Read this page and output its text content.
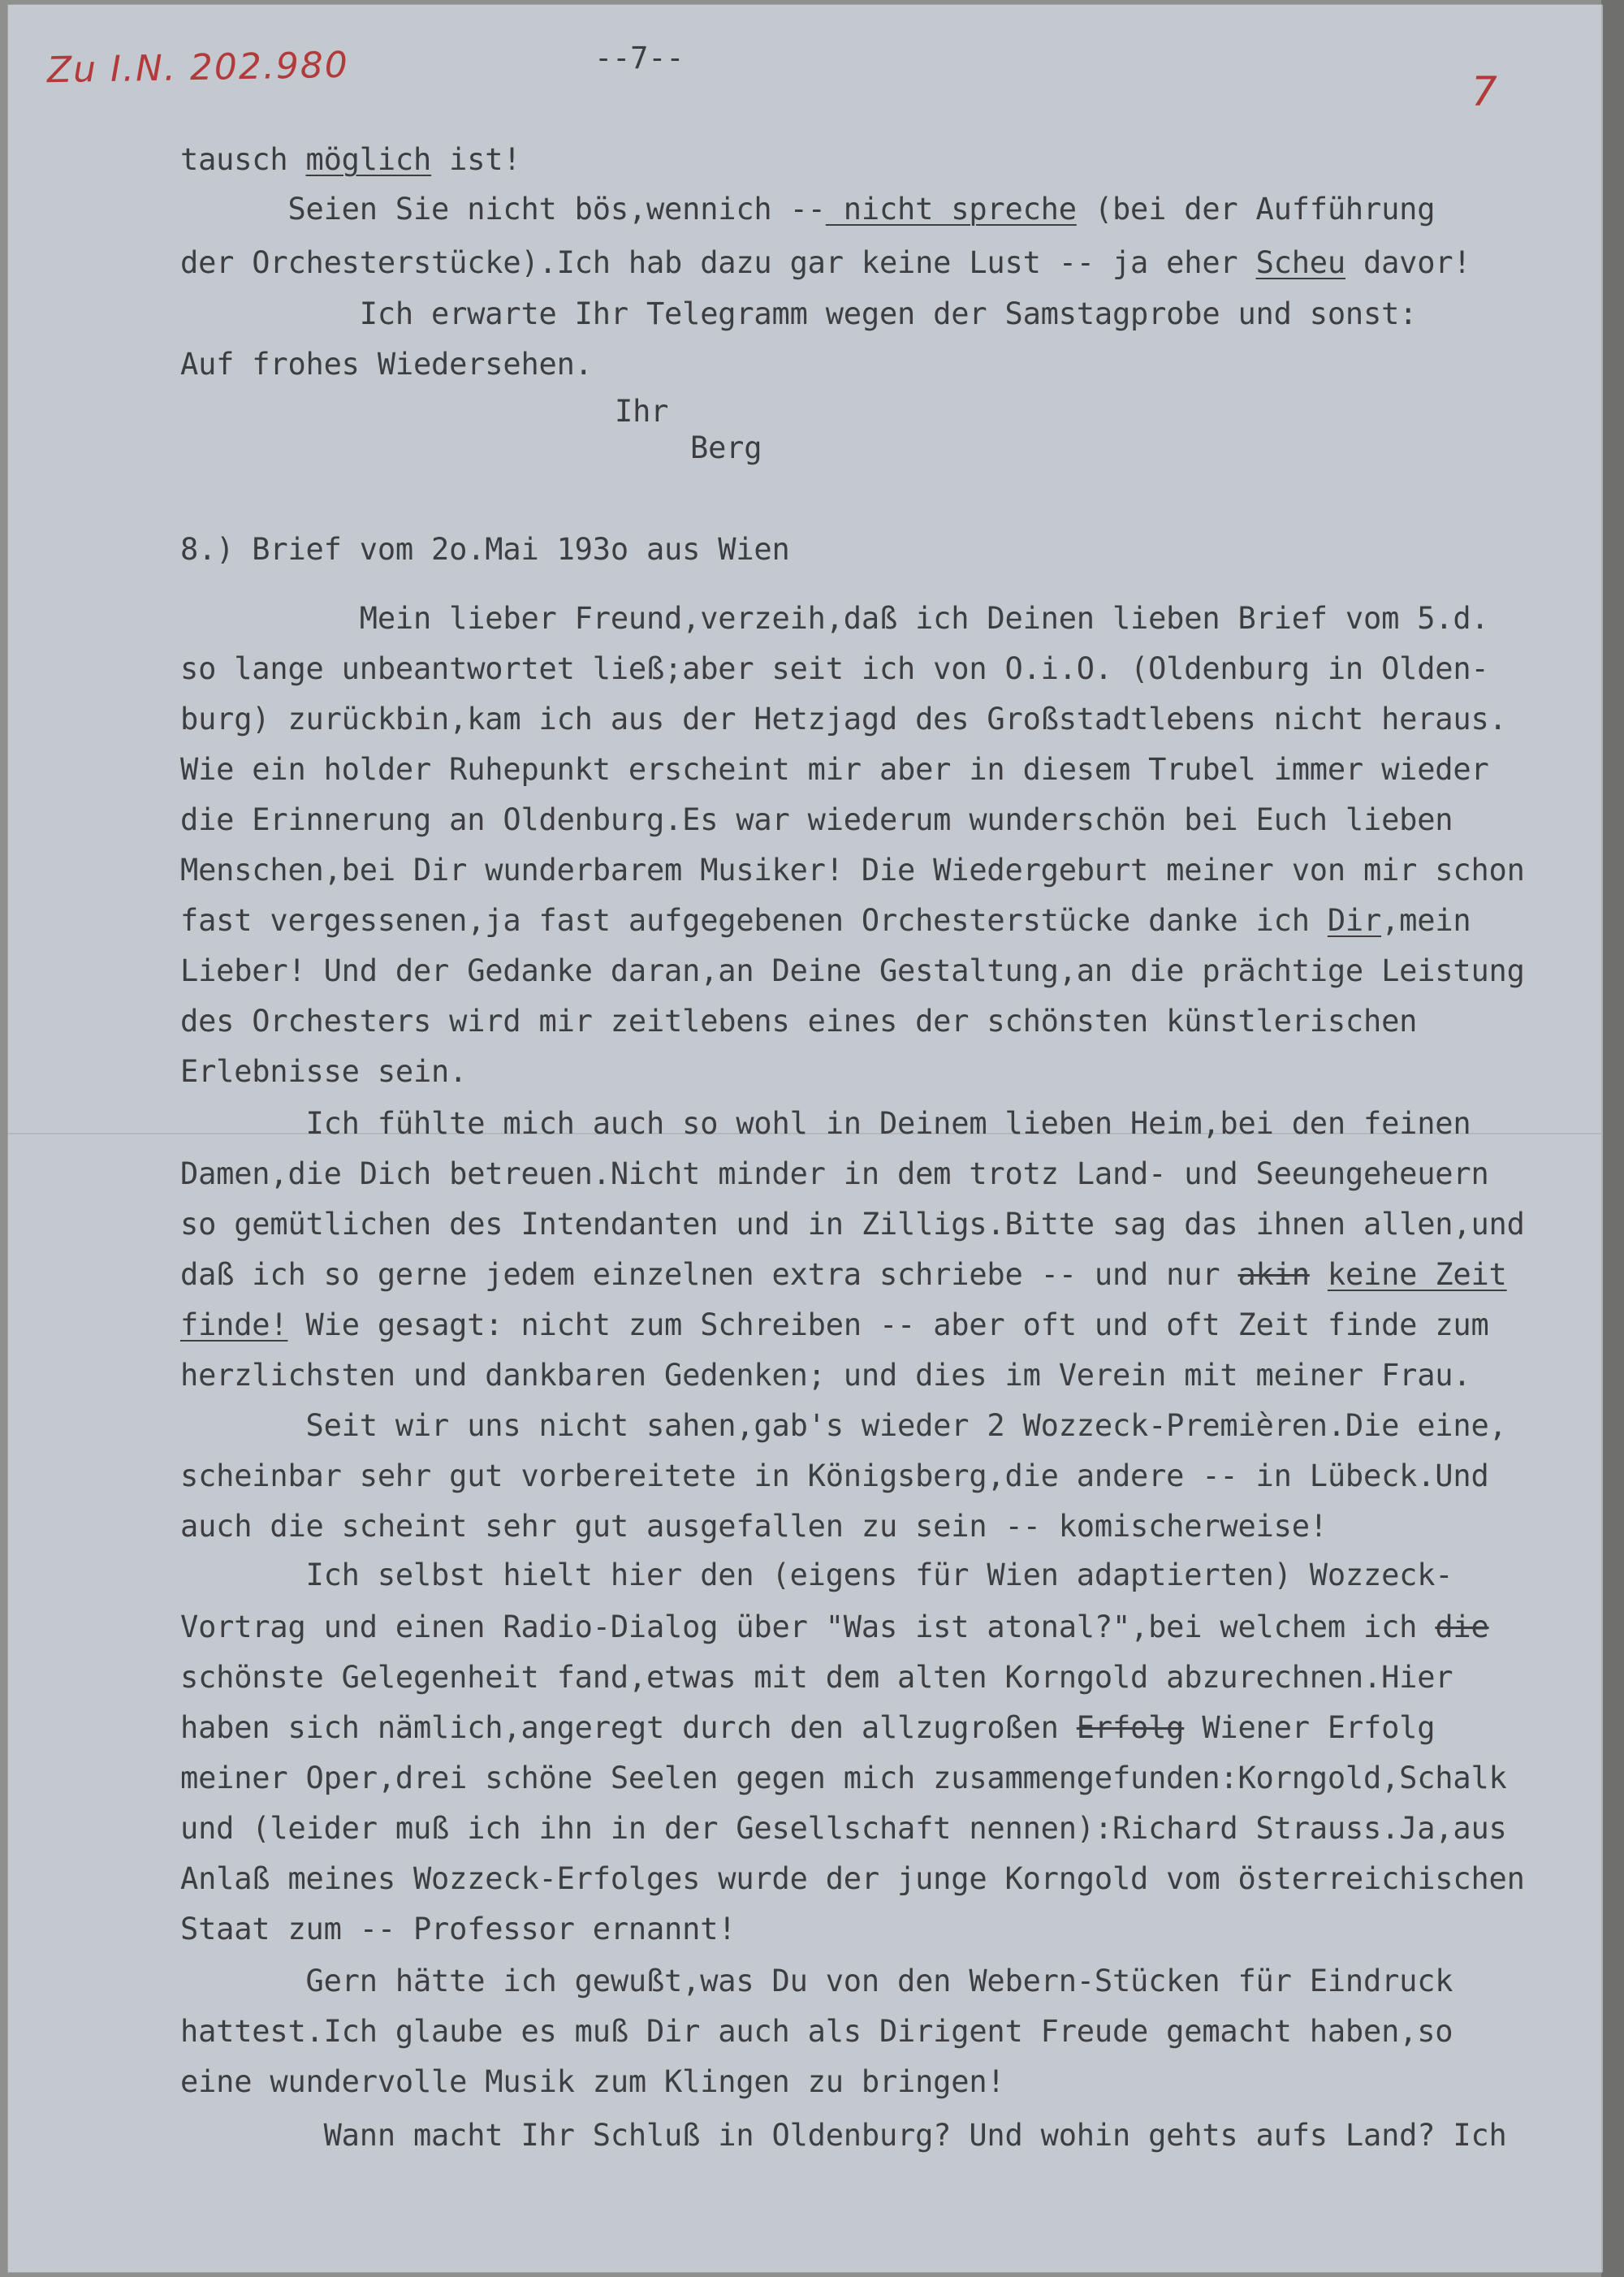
Zu I.N. 202.980
7

--7--

tausch möglich ist!

Seien Sie nicht bös,wennich -- nicht spreche (bei der Aufführung

der Orchesterstücke).Ich hab dazu gar keine Lust -- ja eher Scheu davor!

Ich erwarte Ihr Telegramm wegen der Samstagprobe und sonst:

Auf frohes Wiedersehen.

Ihr

Berg

8.) Brief vom 2o.Mai 193o aus Wien

Mein lieber Freund,verzeih,daß ich Deinen lieben Brief vom 5.d.

so lange unbeantwortet ließ;aber seit ich von O.i.O. (Oldenburg in Olden-

burg) zurückbin,kam ich aus der Hetzjagd des Großstadtlebens nicht heraus.

Wie ein holder Ruhepunkt erscheint mir aber in diesem Trubel immer wieder

die Erinnerung an Oldenburg.Es war wiederum wunderschön bei Euch lieben

Menschen,bei Dir wunderbarem Musiker! Die Wiedergeburt meiner von mir schon

fast vergessenen,ja fast aufgegebenen Orchesterstücke danke ich Dir,mein

Lieber! Und der Gedanke daran,an Deine Gestaltung,an die prächtige Leistung

des Orchesters wird mir zeitlebens eines der schönsten künstlerischen

Erlebnisse sein.

Ich fühlte mich auch so wohl in Deinem lieben Heim,bei den feinen

Damen,die Dich betreuen.Nicht minder in dem trotz Land- und Seeungeheuern

so gemütlichen des Intendanten und in Zilligs.Bitte sag das ihnen allen,und

daß ich so gerne jedem einzelnen extra schriebe -- und nur akin keine Zeit

finde! Wie gesagt: nicht zum Schreiben -- aber oft und oft Zeit finde zum

herzlichsten und dankbaren Gedenken; und dies im Verein mit meiner Frau.

Seit wir uns nicht sahen,gab's wieder 2 Wozzeck-Premièren.Die eine,

scheinbar sehr gut vorbereitete in Königsberg,die andere -- in Lübeck.Und

auch die scheint sehr gut ausgefallen zu sein -- komischerweise!

Ich selbst hielt hier den (eigens für Wien adaptierten) Wozzeck-

Vortrag und einen Radio-Dialog über "Was ist atonal?",bei welchem ich die

schönste Gelegenheit fand,etwas mit dem alten Korngold abzurechnen.Hier

haben sich nämlich,angeregt durch den allzugroßen Erfolg Wiener Erfolg

meiner Oper,drei schöne Seelen gegen mich zusammengefunden:Korngold,Schalk

und (leider muß ich ihn in der Gesellschaft nennen):Richard Strauss.Ja,aus

Anlaß meines Wozzeck-Erfolges wurde der junge Korngold vom österreichischen

Staat zum -- Professor ernannt!

Gern hätte ich gewußt,was Du von den Webern-Stücken für Eindruck

hattest.Ich glaube es muß Dir auch als Dirigent Freude gemacht haben,so

eine wundervolle Musik zum Klingen zu bringen!

Wann macht Ihr Schluß in Oldenburg? Und wohin gehts aufs Land? Ich
